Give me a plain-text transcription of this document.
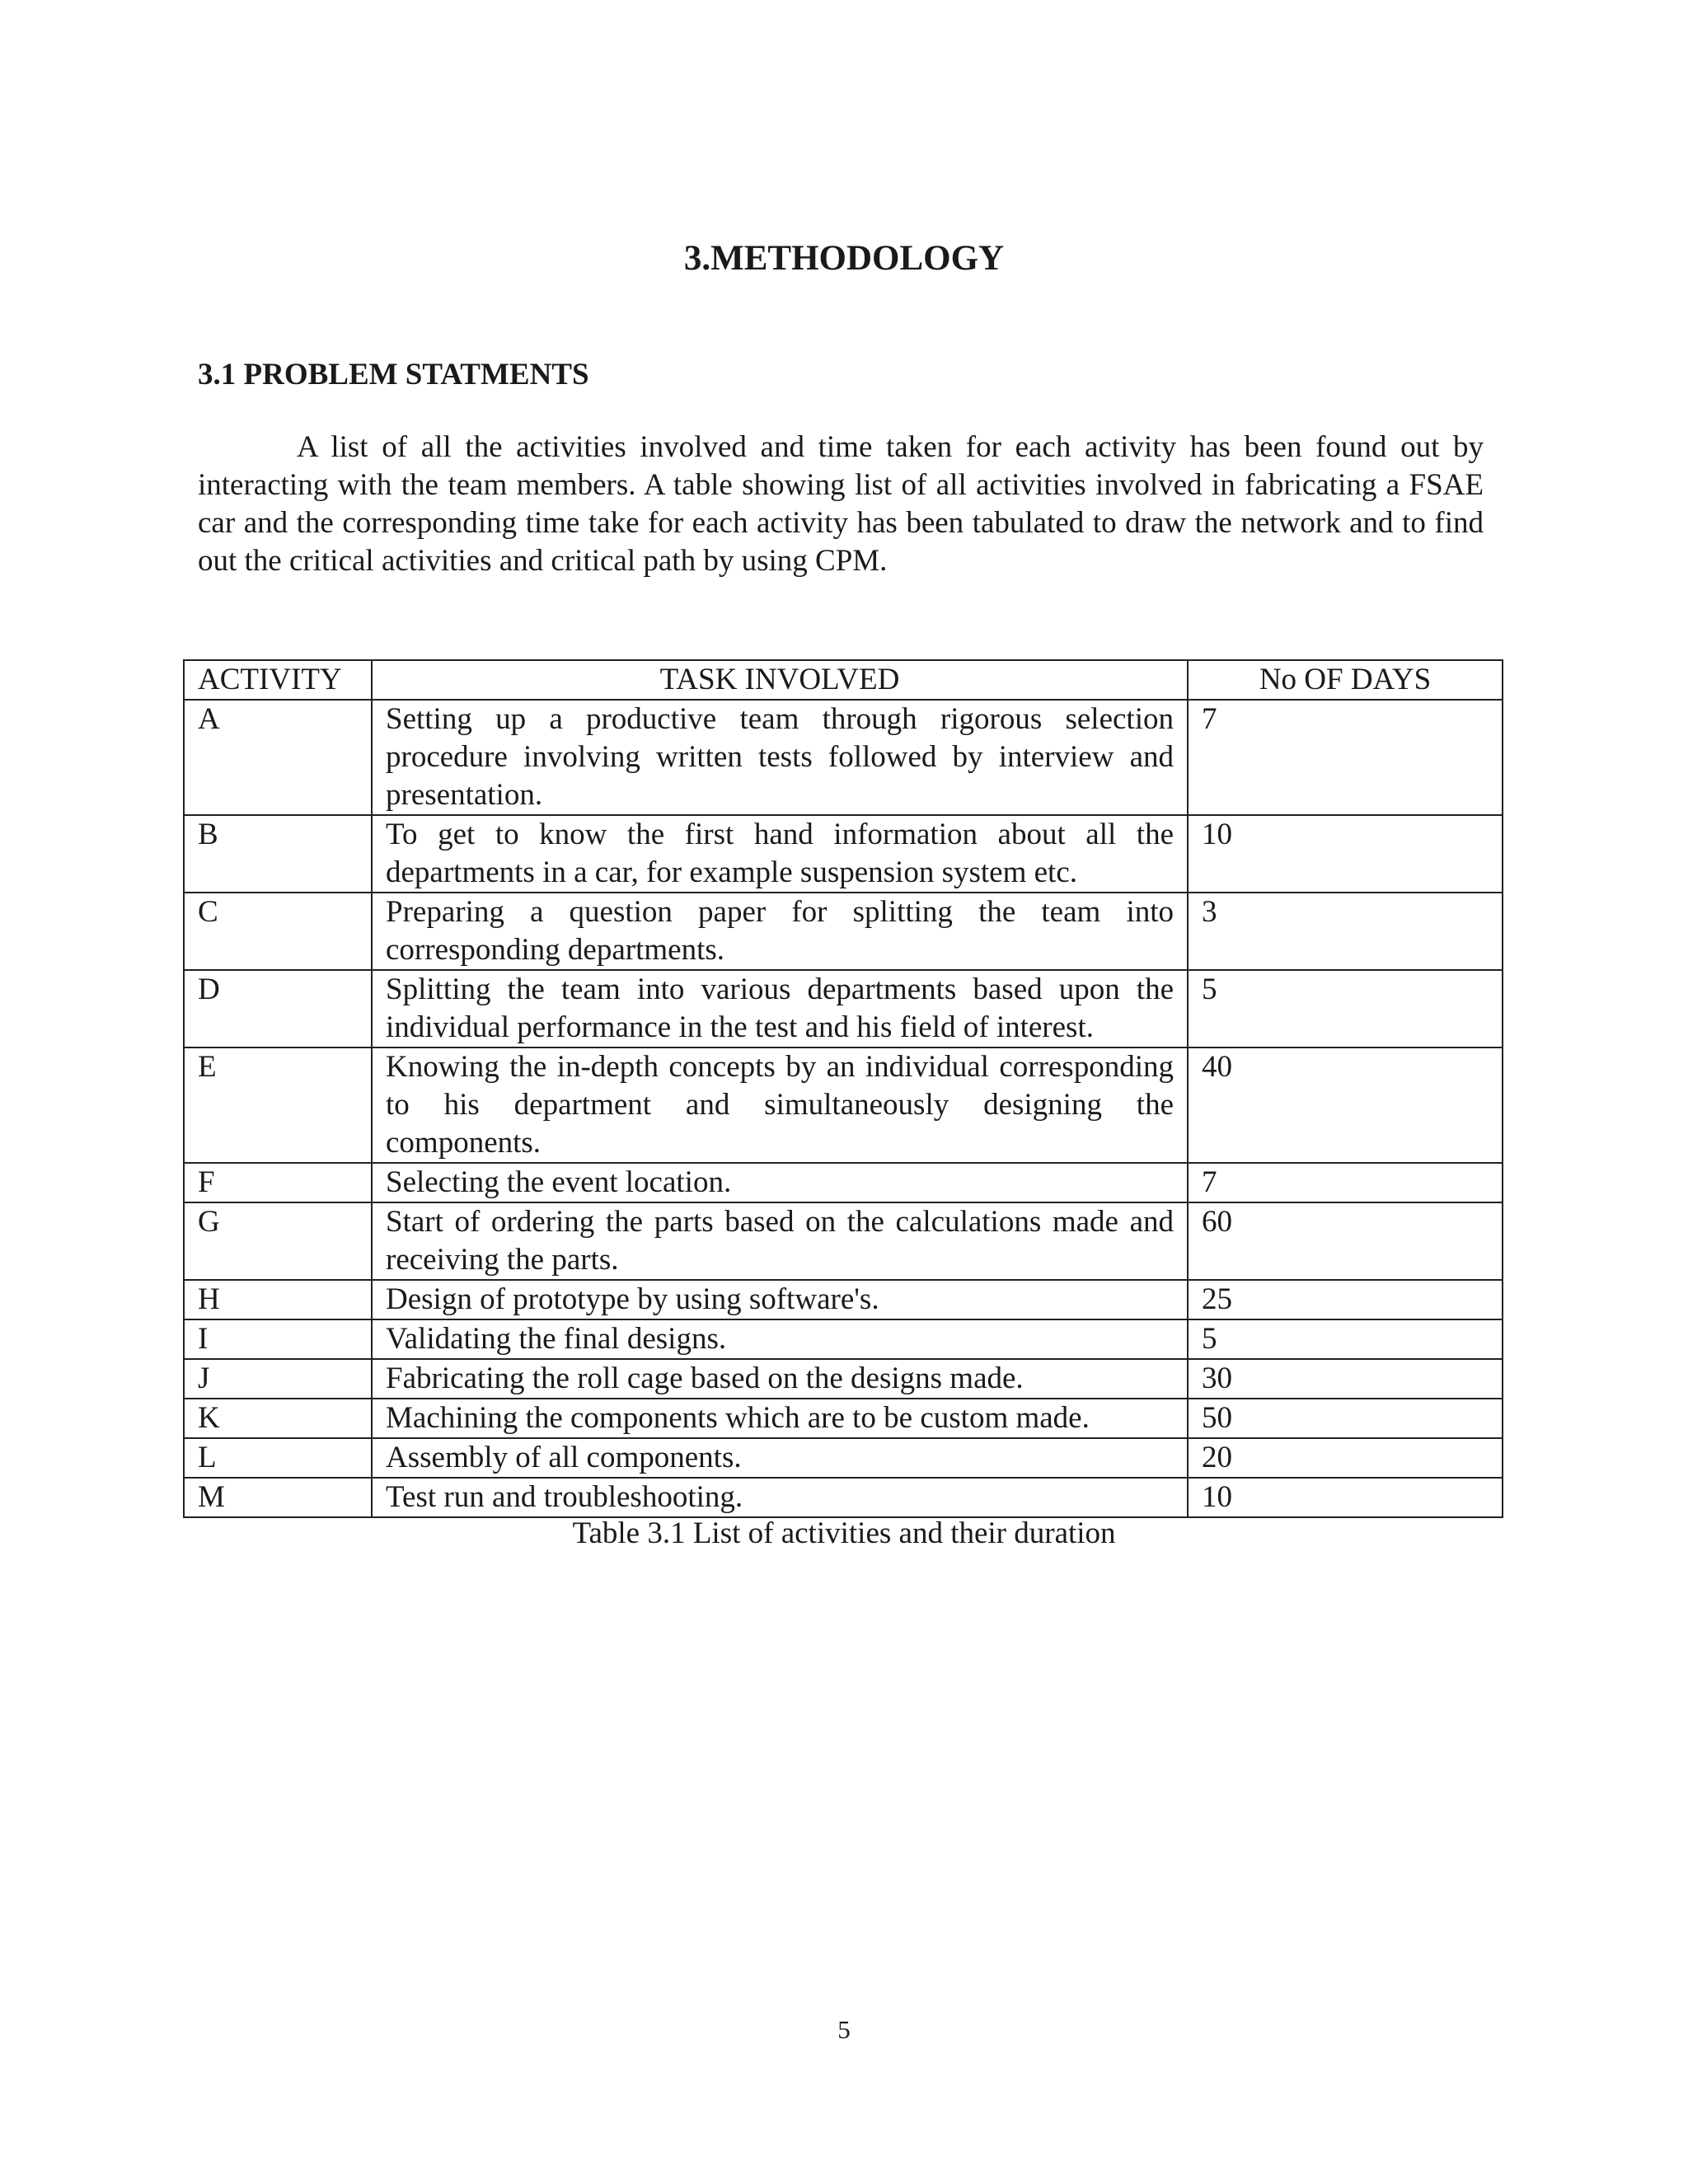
3.METHODOLOGY
3.1 PROBLEM STATMENTS

A list of all the activities involved and time taken for each activity has been found out by interacting with the team members. A table showing list of all activities involved in fabricating a FSAE car and the corresponding time take for each activity has been tabulated to draw the network and to find out the critical activities and critical path by using CPM.

ACTIVITY	TASK INVOLVED	No OF DAYS
A	Setting up a productive team through rigorous selection procedure involving written tests followed by interview and presentation.	7
B	To get to know the first hand information about all the departments in a car, for example suspension system etc.	10
C	Preparing a question paper for splitting the team into corresponding departments.	3
D	Splitting the team into various departments based upon the individual performance in the test and his field of interest.	5
E	Knowing the in-depth concepts by an individual corresponding to his department and simultaneously designing the components.	40
F	Selecting the event location.	7
G	Start of ordering the parts based on the calculations made and receiving the parts.	60
H	Design of prototype by using software's.	25
I	Validating the final designs.	5
J	Fabricating the roll cage based on the designs made.	30
K	Machining the components which are to be custom made.	50
L	Assembly of all components.	20
M	Test run and troubleshooting.	10

Table 3.1 List of activities and their duration

5
